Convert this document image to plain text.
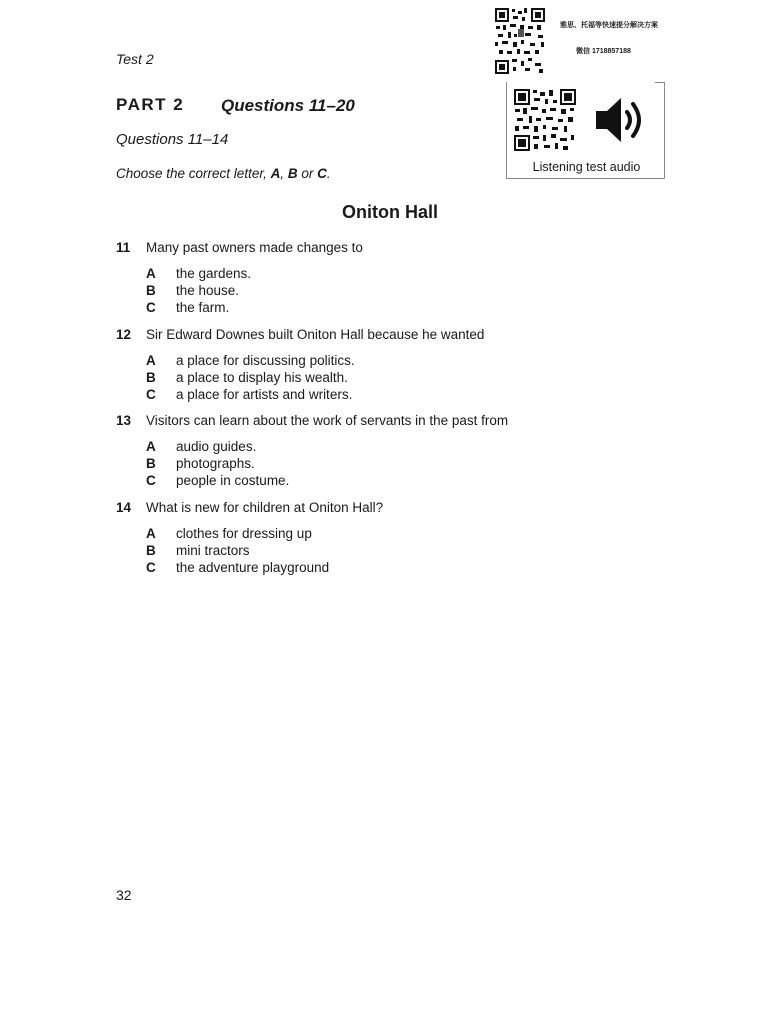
Test 2
PART 2 Questions 11–20
Questions 11–14
Choose the correct letter, A, B or C.
雅思、托福等快速提分解决方案
微信 1718857188
Listening test audio
Oniton Hall
11	Many past owners made changes to
A	the gardens.
B	the house.
C	the farm.
12	Sir Edward Downes built Oniton Hall because he wanted
A	a place for discussing politics.
B	a place to display his wealth.
C	a place for artists and writers.
13	Visitors can learn about the work of servants in the past from
A	audio guides.
B	photographs.
C	people in costume.
14	What is new for children at Oniton Hall?
A	clothes for dressing up
B	mini tractors
C	the adventure playground
32
